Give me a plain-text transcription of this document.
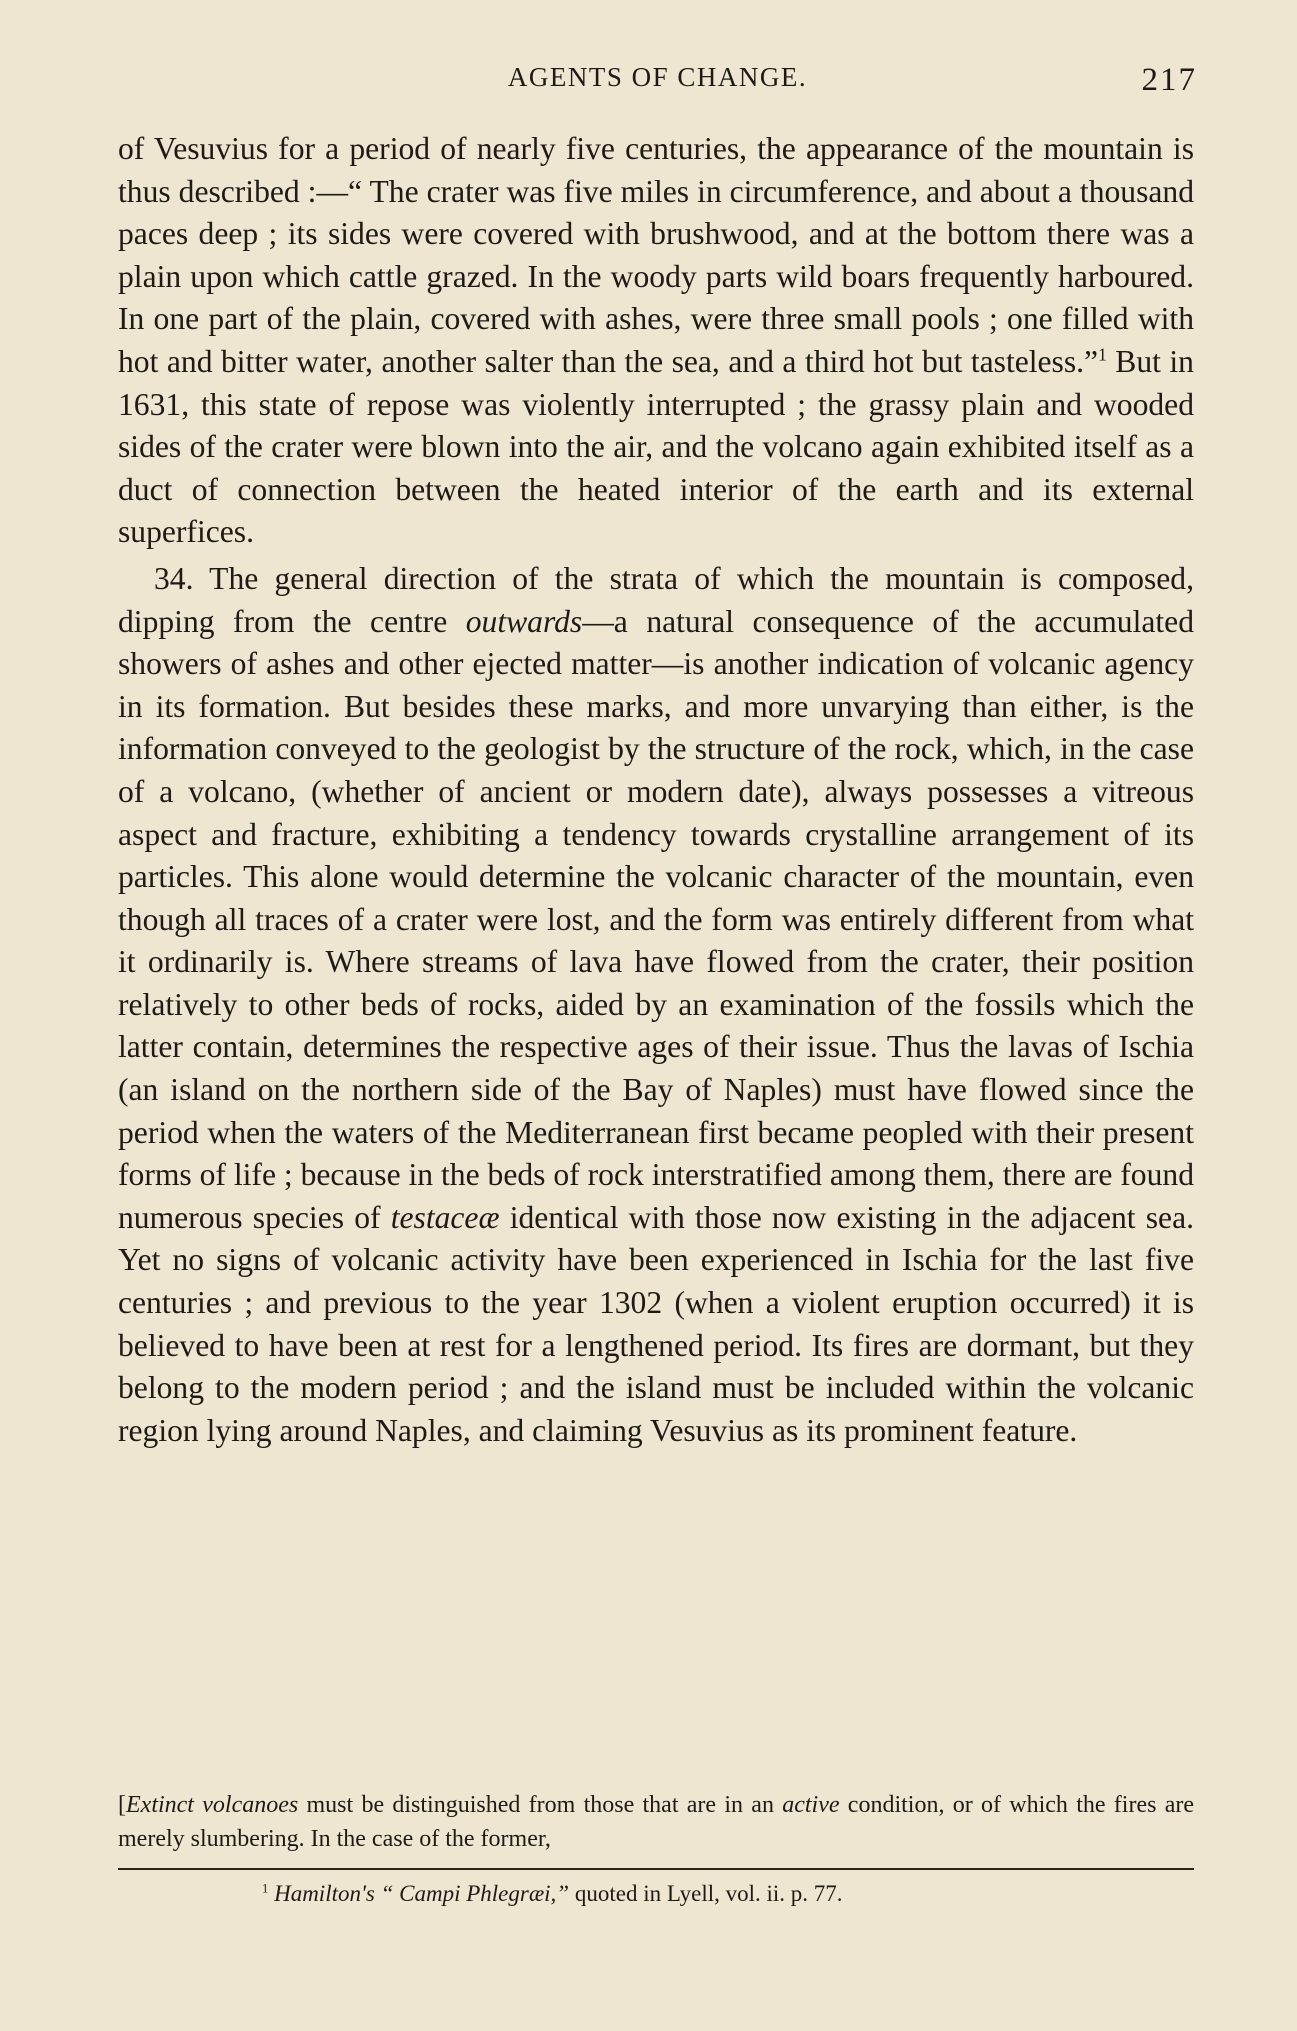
AGENTS OF CHANGE.	217

of Vesuvius for a period of nearly five centuries, the appearance of the mountain is thus described :—“ The crater was five miles in circumference, and about a thousand paces deep ; its sides were covered with brushwood, and at the bottom there was a plain upon which cattle grazed. In the woody parts wild boars frequently harboured. In one part of the plain, covered with ashes, were three small pools ; one filled with hot and bitter water, another salter than the sea, and a third hot but tasteless.”$^1$ But in 1631, this state of repose was violently interrupted ; the grassy plain and wooded sides of the crater were blown into the air, and the volcano again exhibited itself as a duct of connection between the heated interior of the earth and its external superfices.

34. The general direction of the strata of which the mountain is composed, dipping from the centre outwards—a natural consequence of the accumulated showers of ashes and other ejected matter—is another indication of volcanic agency in its formation. But besides these marks, and more unvarying than either, is the information conveyed to the geologist by the structure of the rock, which, in the case of a volcano, (whether of ancient or modern date), always possesses a vitreous aspect and fracture, exhibiting a tendency towards crystalline arrangement of its particles. This alone would determine the volcanic character of the mountain, even though all traces of a crater were lost, and the form was entirely different from what it ordinarily is. Where streams of lava have flowed from the crater, their position relatively to other beds of rocks, aided by an examination of the fossils which the latter contain, determines the respective ages of their issue. Thus the lavas of Ischia (an island on the northern side of the Bay of Naples) must have flowed since the period when the waters of the Mediterranean first became peopled with their present forms of life ; because in the beds of rock interstratified among them, there are found numerous species of testaceæ identical with those now existing in the adjacent sea. Yet no signs of volcanic activity have been experienced in Ischia for the last five centuries ; and previous to the year 1302 (when a violent eruption occurred) it is believed to have been at rest for a lengthened period. Its fires are dormant, but they belong to the modern period ; and the island must be included within the volcanic region lying around Naples, and claiming Vesuvius as its prominent feature.

[Extinct volcanoes must be distinguished from those that are in an active condition, or of which the fires are merely slumbering. In the case of the former,
$^1$ Hamilton's “ Campi Phlegræi,” quoted in Lyell, vol. ii. p. 77.
